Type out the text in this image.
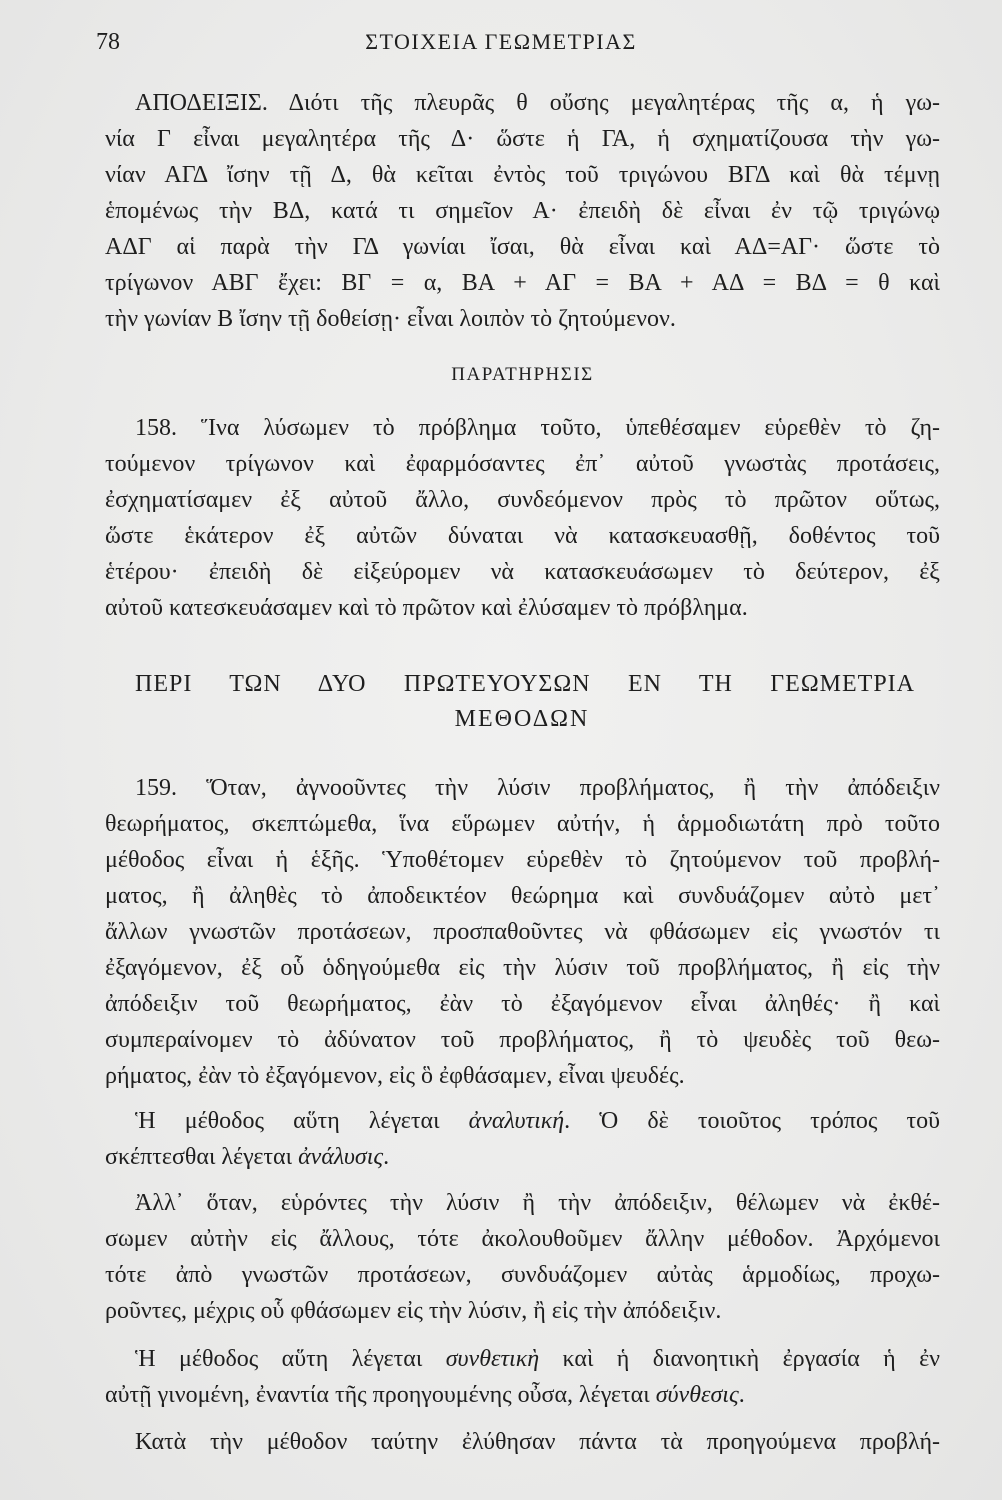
78	ΣΤΟΙΧΕΙΑ ΓΕΩΜΕΤΡΙΑΣ
ΑΠΟΔΕΙΞΙΣ. Διότι τῆς πλευρᾶς θ οὔσης μεγαλητέρας τῆς α, ἡ γω-
νία Γ εἶναι μεγαλητέρα τῆς Δ· ὥστε ἡ ΓΑ, ἡ σχηματίζουσα τὴν γω-
νίαν ΑΓΔ ἴσην τῇ Δ, θὰ κεῖται ἐντὸς τοῦ τριγώνου ΒΓΔ καὶ θὰ τέμνῃ
ἑπομένως τὴν ΒΔ, κατά τι σημεῖον Α· ἐπειδὴ δὲ εἶναι ἐν τῷ τριγώνῳ
ΑΔΓ αἱ παρὰ τὴν ΓΔ γωνίαι ἴσαι, θὰ εἶναι καὶ ΑΔ=ΑΓ· ὥστε τὸ
τρίγωνον ΑΒΓ ἔχει: ΒΓ = α, ΒΑ + ΑΓ = ΒΑ + ΑΔ = ΒΔ = θ καὶ
τὴν γωνίαν Β ἴσην τῇ δοθείσῃ· εἶναι λοιπὸν τὸ ζητούμενον.
ΠΑΡΑΤΗΡΗΣΙΣ
158. Ἵνα λύσωμεν τὸ πρόβλημα τοῦτο, ὑπεθέσαμεν εὑρεθὲν τὸ ζη-
τούμενον τρίγωνον καὶ ἐφαρμόσαντες ἐπ᾽ αὐτοῦ γνωστὰς προτάσεις,
ἐσχηματίσαμεν ἐξ αὐτοῦ ἄλλο, συνδεόμενον πρὸς τὸ πρῶτον οὕτως,
ὥστε ἑκάτερον ἐξ αὐτῶν δύναται νὰ κατασκευασθῇ, δοθέντος τοῦ
ἑτέρου· ἐπειδὴ δὲ εἰξεύρομεν νὰ κατασκευάσωμεν τὸ δεύτερον, ἐξ
αὐτοῦ κατεσκευάσαμεν καὶ τὸ πρῶτον καὶ ἐλύσαμεν τὸ πρόβλημα.
ΠΕΡΙ ΤΩΝ ΔΥΟ ΠΡΩΤΕΥΟΥΣΩΝ ΕΝ ΤΗ ΓΕΩΜΕΤΡΙΑ
ΜΕΘΟΔΩΝ
159. Ὅταν, ἀγνοοῦντες τὴν λύσιν προβλήματος, ἢ τὴν ἀπόδειξιν
θεωρήματος, σκεπτώμεθα, ἵνα εὕρωμεν αὐτήν, ἡ ἁρμοδιωτάτη πρὸ τοῦτο
μέθοδος εἶναι ἡ ἑξῆς. Ὑποθέτομεν εὑρεθὲν τὸ ζητούμενον τοῦ προβλή-
ματος, ἢ ἀληθὲς τὸ ἀποδεικτέον θεώρημα καὶ συνδυάζομεν αὐτὸ μετ᾽
ἄλλων γνωστῶν προτάσεων, προσπαθοῦντες νὰ φθάσωμεν εἰς γνωστόν τι
ἐξαγόμενον, ἐξ οὗ ὁδηγούμεθα εἰς τὴν λύσιν τοῦ προβλήματος, ἢ εἰς τὴν
ἀπόδειξιν τοῦ θεωρήματος, ἐὰν τὸ ἐξαγόμενον εἶναι ἀληθές· ἢ καὶ
συμπεραίνομεν τὸ ἀδύνατον τοῦ προβλήματος, ἢ τὸ ψευδὲς τοῦ θεω-
ρήματος, ἐὰν τὸ ἐξαγόμενον, εἰς ὃ ἐφθάσαμεν, εἶναι ψευδές.
Ἡ μέθοδος αὕτη λέγεται ἀναλυτική. Ὁ δὲ τοιοῦτος τρόπος τοῦ
σκέπτεσθαι λέγεται ἀνάλυσις.
Ἀλλ᾽ ὅταν, εὑρόντες τὴν λύσιν ἢ τὴν ἀπόδειξιν, θέλωμεν νὰ ἐκθέ-
σωμεν αὐτὴν εἰς ἄλλους, τότε ἀκολουθοῦμεν ἄλλην μέθοδον. Ἀρχόμενοι
τότε ἀπὸ γνωστῶν προτάσεων, συνδυάζομεν αὐτὰς ἁρμοδίως, προχω-
ροῦντες, μέχρις οὗ φθάσωμεν εἰς τὴν λύσιν, ἢ εἰς τὴν ἀπόδειξιν.
Ἡ μέθοδος αὕτη λέγεται συνθετικὴ καὶ ἡ διανοητικὴ ἐργασία ἡ ἐν
αὐτῇ γινομένη, ἐναντία τῆς προηγουμένης οὖσα, λέγεται σύνθεσις.
Κατὰ τὴν μέθοδον ταύτην ἐλύθησαν πάντα τὰ προηγούμενα προβλή-
